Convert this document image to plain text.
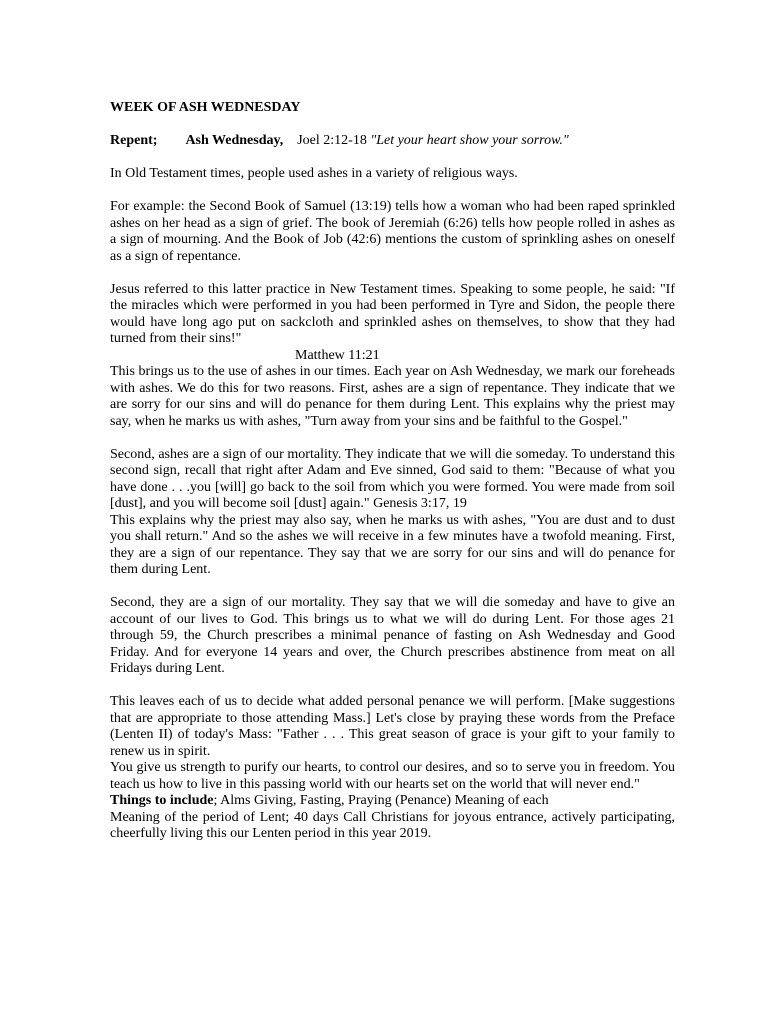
WEEK OF ASH WEDNESDAY

Repent; Ash Wednesday, Joel 2:12-18 "Let your heart show your sorrow."

In Old Testament times, people used ashes in a variety of religious ways.

For example: the Second Book of Samuel (13:19) tells how a woman who had been raped sprinkled ashes on her head as a sign of grief. The book of Jeremiah (6:26) tells how people rolled in ashes as a sign of mourning. And the Book of Job (42:6) mentions the custom of sprinkling ashes on oneself as a sign of repentance.

Jesus referred to this latter practice in New Testament times. Speaking to some people, he said: "If the miracles which were performed in you had been performed in Tyre and Sidon, the people there would have long ago put on sackcloth and sprinkled ashes on themselves, to show that they had turned from their sins!"

Matthew 11:21

This brings us to the use of ashes in our times. Each year on Ash Wednesday, we mark our foreheads with ashes. We do this for two reasons. First, ashes are a sign of repentance. They indicate that we are sorry for our sins and will do penance for them during Lent. This explains why the priest may say, when he marks us with ashes, "Turn away from your sins and be faithful to the Gospel."

Second, ashes are a sign of our mortality. They indicate that we will die someday. To understand this second sign, recall that right after Adam and Eve sinned, God said to them: "Because of what you have done . . .you [will] go back to the soil from which you were formed. You were made from soil [dust], and you will become soil [dust] again." Genesis 3:17, 19

This explains why the priest may also say, when he marks us with ashes, "You are dust and to dust you shall return." And so the ashes we will receive in a few minutes have a twofold meaning. First, they are a sign of our repentance. They say that we are sorry for our sins and will do penance for them during Lent.

Second, they are a sign of our mortality. They say that we will die someday and have to give an account of our lives to God. This brings us to what we will do during Lent. For those ages 21 through 59, the Church prescribes a minimal penance of fasting on Ash Wednesday and Good Friday. And for everyone 14 years and over, the Church prescribes abstinence from meat on all Fridays during Lent.

This leaves each of us to decide what added personal penance we will perform. [Make suggestions that are appropriate to those attending Mass.] Let's close by praying these words from the Preface (Lenten II) of today's Mass: "Father . . . This great season of grace is your gift to your family to renew us in spirit.

You give us strength to purify our hearts, to control our desires, and so to serve you in freedom. You teach us how to live in this passing world with our hearts set on the world that will never end."

Things to include; Alms Giving, Fasting, Praying (Penance) Meaning of each

Meaning of the period of Lent; 40 days Call Christians for joyous entrance, actively participating, cheerfully living this our Lenten period in this year 2019.
